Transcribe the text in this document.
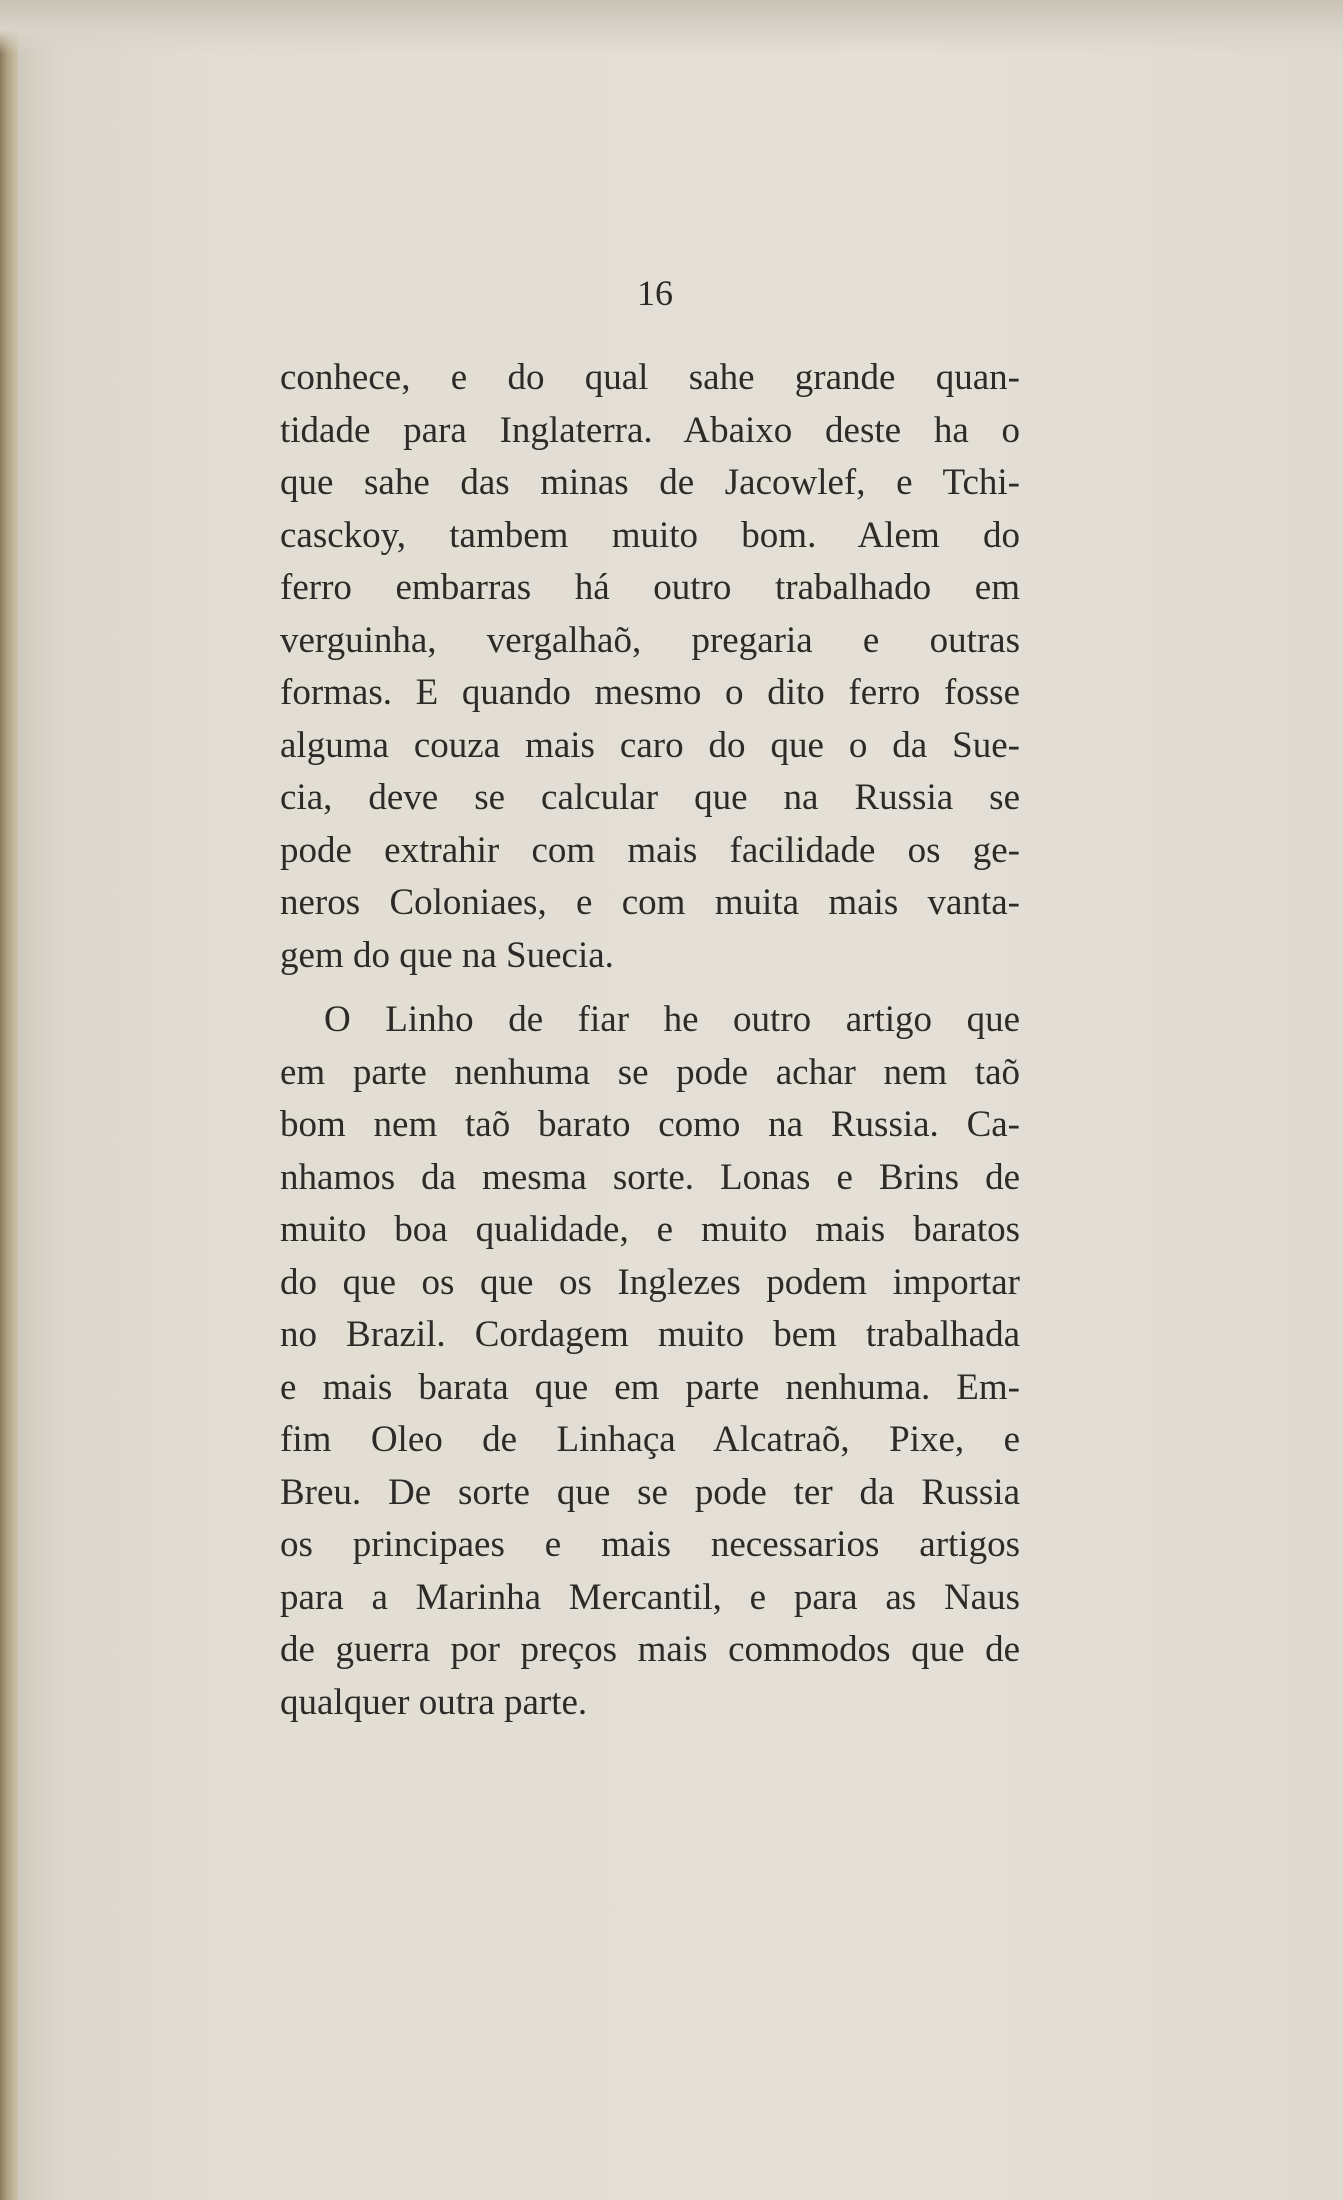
16
conhece, e do qual sahe grande quan-
tidade para Inglaterra. Abaixo deste ha o
que sahe das minas de Jacowlef, e Tchi-
casckoy, tambem muito bom. Alem do
ferro embarras há outro trabalhado em
verguinha, vergalhaõ, pregaria e outras
formas. E quando mesmo o dito ferro fosse
alguma couza mais caro do que o da Sue-
cia, deve se calcular que na Russia se
pode extrahir com mais facilidade os ge-
neros Coloniaes, e com muita mais vanta-
gem do que na Suecia.
O Linho de fiar he outro artigo que
em parte nenhuma se pode achar nem taõ
bom nem taõ barato como na Russia. Ca-
nhamos da mesma sorte. Lonas e Brins de
muito boa qualidade, e muito mais baratos
do que os que os Inglezes podem importar
no Brazil. Cordagem muito bem trabalhada
e mais barata que em parte nenhuma. Em-
fim Oleo de Linhaça Alcatraõ, Pixe, e
Breu. De sorte que se pode ter da Russia
os principaes e mais necessarios artigos
para a Marinha Mercantil, e para as Naus
de guerra por preços mais commodos que de
qualquer outra parte.
